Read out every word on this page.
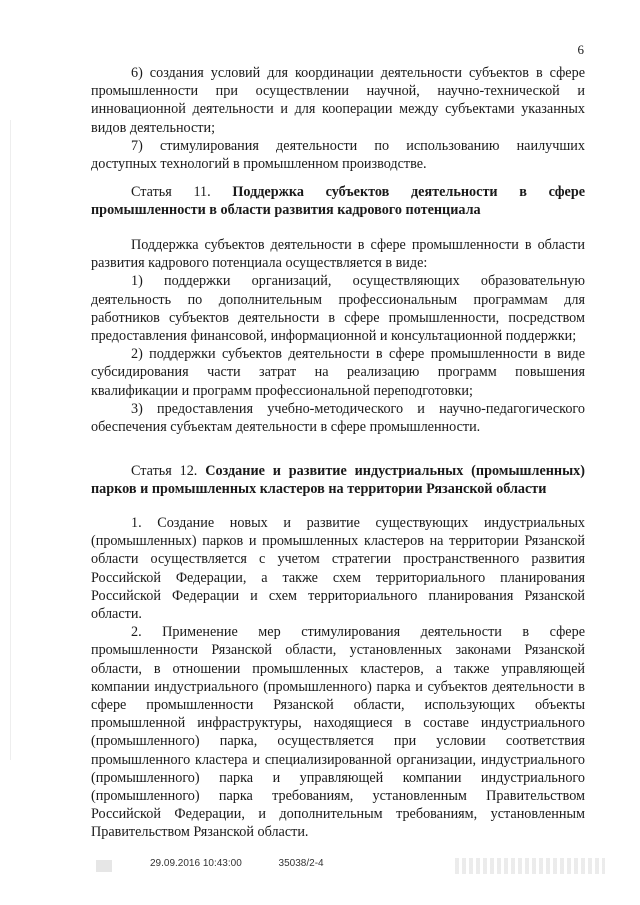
6

6) создания условий для координации деятельности субъектов в сфере промышленности при осуществлении научной, научно-технической и инновационной деятельности и для кооперации между субъектами указанных видов деятельности;

7) стимулирования деятельности по использованию наилучших доступных технологий в промышленном производстве.

Статья 11. Поддержка субъектов деятельности в сфере промышленности в области развития кадрового потенциала

Поддержка субъектов деятельности в сфере промышленности в области развития кадрового потенциала осуществляется в виде:

1) поддержки организаций, осуществляющих образовательную деятельность по дополнительным профессиональным программам для работников субъектов деятельности в сфере промышленности, посредством предоставления финансовой, информационной и консультационной поддержки;

2) поддержки субъектов деятельности в сфере промышленности в виде субсидирования части затрат на реализацию программ повышения квалификации и программ профессиональной переподготовки;

3) предоставления учебно-методического и научно-педагогического обеспечения субъектам деятельности в сфере промышленности.

Статья 12. Создание и развитие индустриальных (промышленных) парков и промышленных кластеров на территории Рязанской области

1. Создание новых и развитие существующих индустриальных (промышленных) парков и промышленных кластеров на территории Рязанской области осуществляется с учетом стратегии пространственного развития Российской Федерации, а также схем территориального планирования Российской Федерации и схем территориального планирования Рязанской области.

2. Применение мер стимулирования деятельности в сфере промышленности Рязанской области, установленных законами Рязанской области, в отношении промышленных кластеров, а также управляющей компании индустриального (промышленного) парка и субъектов деятельности в сфере промышленности Рязанской области, использующих объекты промышленной инфраструктуры, находящиеся в составе индустриального (промышленного) парка, осуществляется при условии соответствия промышленного кластера и специализированной организации, индустриального (промышленного) парка и управляющей компании индустриального (промышленного) парка требованиям, установленным Правительством Российской Федерации, и дополнительным требованиям, установленным Правительством Рязанской области.

29.09.2016 10:43:00	35038/2-4
